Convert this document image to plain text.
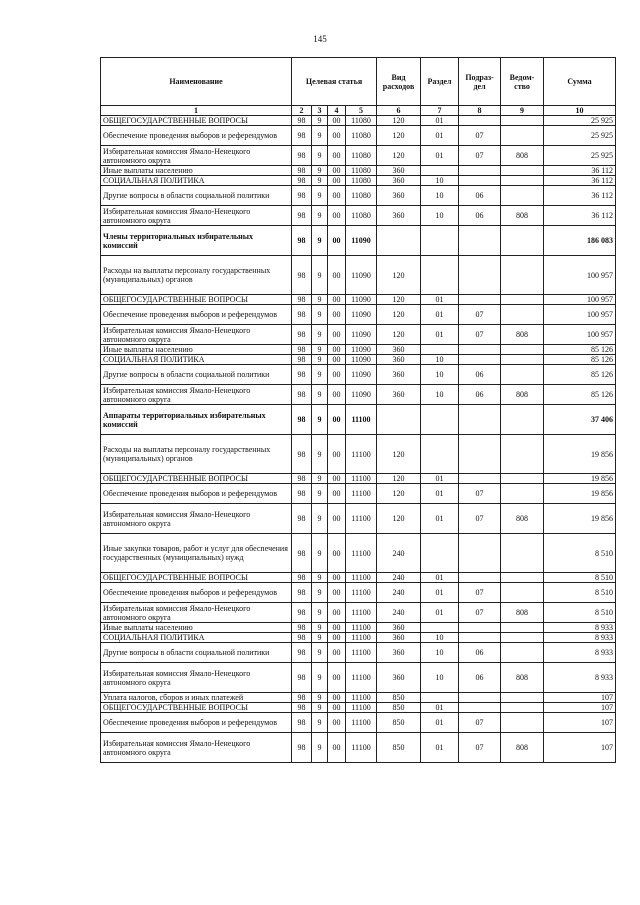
145
Наименование	Целевая статья				Вид расходов	Раздел	Подраз-дел	Ведом-ство	Сумма
1	2	3	4	5	6	7	8	9	10
ОБЩЕГОСУДАРСТВЕННЫЕ ВОПРОСЫ	98	9	00	11080	120	01			25 925
Обеспечение проведения выборов и референдумов	98	9	00	11080	120	01	07		25 925
Избирательная комиссия Ямало-Ненецкого автономного округа	98	9	00	11080	120	01	07	808	25 925
Иные выплаты населению	98	9	00	11080	360				36 112
СОЦИАЛЬНАЯ ПОЛИТИКА	98	9	00	11080	360	10			36 112
Другие вопросы в области социальной политики	98	9	00	11080	360	10	06		36 112
Избирательная комиссия Ямало-Ненецкого автономного округа	98	9	00	11080	360	10	06	808	36 112
Члены территориальных избирательных комиссий	98	9	00	11090					186 083
Расходы на выплаты персоналу государственных (муниципальных) органов	98	9	00	11090	120				100 957
ОБЩЕГОСУДАРСТВЕННЫЕ ВОПРОСЫ	98	9	00	11090	120	01			100 957
Обеспечение проведения выборов и референдумов	98	9	00	11090	120	01	07		100 957
Избирательная комиссия Ямало-Ненецкого автономного округа	98	9	00	11090	120	01	07	808	100 957
Иные выплаты населению	98	9	00	11090	360				85 126
СОЦИАЛЬНАЯ ПОЛИТИКА	98	9	00	11090	360	10			85 126
Другие вопросы в области социальной политики	98	9	00	11090	360	10	06		85 126
Избирательная комиссия Ямало-Ненецкого автономного округа	98	9	00	11090	360	10	06	808	85 126
Аппараты территориальных избирательных комиссий	98	9	00	11100					37 406
Расходы на выплаты персоналу государственных (муниципальных) органов	98	9	00	11100	120				19 856
ОБЩЕГОСУДАРСТВЕННЫЕ ВОПРОСЫ	98	9	00	11100	120	01			19 856
Обеспечение проведения выборов и референдумов	98	9	00	11100	120	01	07		19 856
Избирательная комиссия Ямало-Ненецкого автономного округа	98	9	00	11100	120	01	07	808	19 856
Иные закупки товаров, работ и услуг для обеспечения государственных (муниципальных) нужд	98	9	00	11100	240				8 510
ОБЩЕГОСУДАРСТВЕННЫЕ ВОПРОСЫ	98	9	00	11100	240	01			8 510
Обеспечение проведения выборов и референдумов	98	9	00	11100	240	01	07		8 510
Избирательная комиссия Ямало-Ненецкого автономного округа	98	9	00	11100	240	01	07	808	8 510
Иные выплаты населению	98	9	00	11100	360				8 933
СОЦИАЛЬНАЯ ПОЛИТИКА	98	9	00	11100	360	10			8 933
Другие вопросы в области социальной политики	98	9	00	11100	360	10	06		8 933
Избирательная комиссия Ямало-Ненецкого автономного округа	98	9	00	11100	360	10	06	808	8 933
Уплата налогов, сборов и иных платежей	98	9	00	11100	850				107
ОБЩЕГОСУДАРСТВЕННЫЕ ВОПРОСЫ	98	9	00	11100	850	01			107
Обеспечение проведения выборов и референдумов	98	9	00	11100	850	01	07		107
Избирательная комиссия Ямало-Ненецкого автономного округа	98	9	00	11100	850	01	07	808	107
